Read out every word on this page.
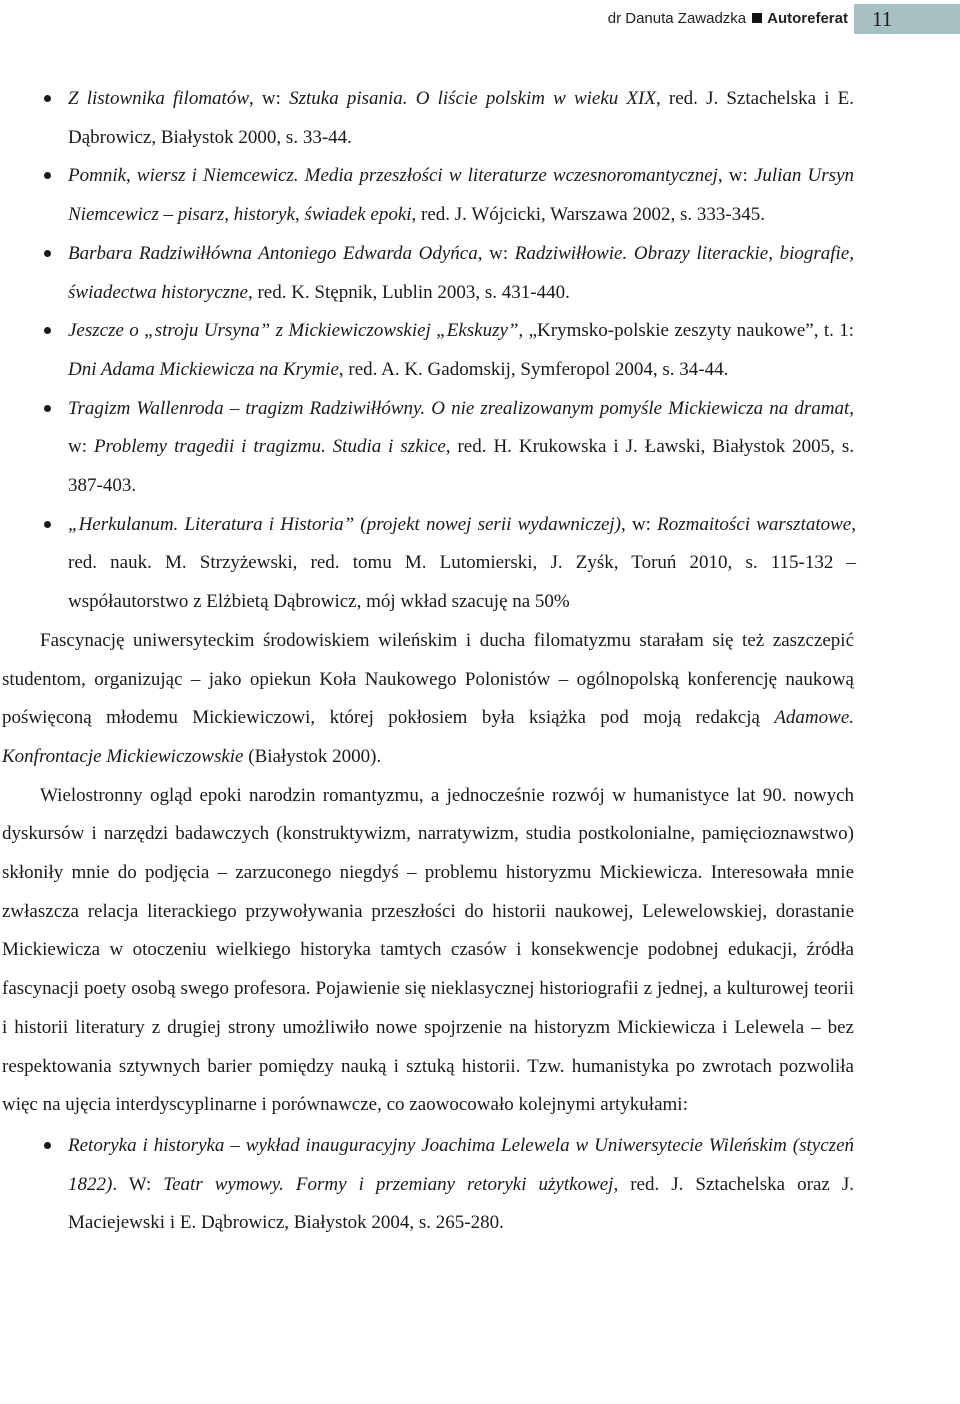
dr Danuta Zawadzka Autoreferat	11
Z listownika filomatów, w: Sztuka pisania. O liście polskim w wieku XIX, red. J. Sztachelska i E. Dąbrowicz, Białystok 2000, s. 33-44.
Pomnik, wiersz i Niemcewicz. Media przeszłości w literaturze wczesnoromantycznej, w: Julian Ursyn Niemcewicz – pisarz, historyk, świadek epoki, red. J. Wójcicki, Warszawa 2002, s. 333-345.
Barbara Radziwiłłówna Antoniego Edwarda Odyńca, w: Radziwiłłowie. Obrazy literackie, biografie, świadectwa historyczne, red. K. Stępnik, Lublin 2003, s. 431-440.
Jeszcze o „stroju Ursyna” z Mickiewiczowskiej „Ekskuzy”, „Krymsko-polskie zeszyty naukowe”, t. 1: Dni Adama Mickiewicza na Krymie, red. A. K. Gadomskij, Symferopol 2004, s. 34-44.
Tragizm Wallenroda – tragizm Radziwiłłówny. O nie zrealizowanym pomyśle Mickiewicza na dramat, w: Problemy tragedii i tragizmu. Studia i szkice, red. H. Krukowska i J. Ławski, Białystok 2005, s. 387-403.
„Herkulanum. Literatura i Historia” (projekt nowej serii wydawniczej), w: Rozmaitości warsztatowe, red. nauk. M. Strzyżewski, red. tomu M. Lutomierski, J. Zyśk, Toruń 2010, s. 115-132 – współautorstwo z Elżbietą Dąbrowicz, mój wkład szacuję na 50%

Fascynację uniwersyteckim środowiskiem wileńskim i ducha filomatyzmu starałam się też zaszczepić studentom, organizując – jako opiekun Koła Naukowego Polonistów – ogólnopolską konferencję naukową poświęconą młodemu Mickiewiczowi, której pokłosiem była książka pod moją redakcją Adamowe. Konfrontacje Mickiewiczowskie (Białystok 2000).

Wielostronny ogląd epoki narodzin romantyzmu, a jednocześnie rozwój w humanistyce lat 90. nowych dyskursów i narzędzi badawczych (konstruktywizm, narratywizm, studia postkolonialne, pamięcioznawstwo) skłoniły mnie do podjęcia – zarzuconego niegdyś – problemu historyzmu Mickiewicza. Interesowała mnie zwłaszcza relacja literackiego przywoływania przeszłości do historii naukowej, Lelewelowskiej, dorastanie Mickiewicza w otoczeniu wielkiego historyka tamtych czasów i konsekwencje podobnej edukacji, źródła fascynacji poety osobą swego profesora. Pojawienie się nieklasycznej historiografii z jednej, a kulturowej teorii i historii literatury z drugiej strony umożliwiło nowe spojrzenie na historyzm Mickiewicza i Lelewela – bez respektowania sztywnych barier pomiędzy nauką i sztuką historii. Tzw. humanistyka po zwrotach pozwoliła więc na ujęcia interdyscyplinarne i porównawcze, co zaowocowało kolejnymi artykułami:

Retoryka i historyka – wykład inauguracyjny Joachima Lelewela w Uniwersytecie Wileńskim (styczeń 1822). W: Teatr wymowy. Formy i przemiany retoryki użytkowej, red. J. Sztachelska oraz J. Maciejewski i E. Dąbrowicz, Białystok 2004, s. 265-280.
